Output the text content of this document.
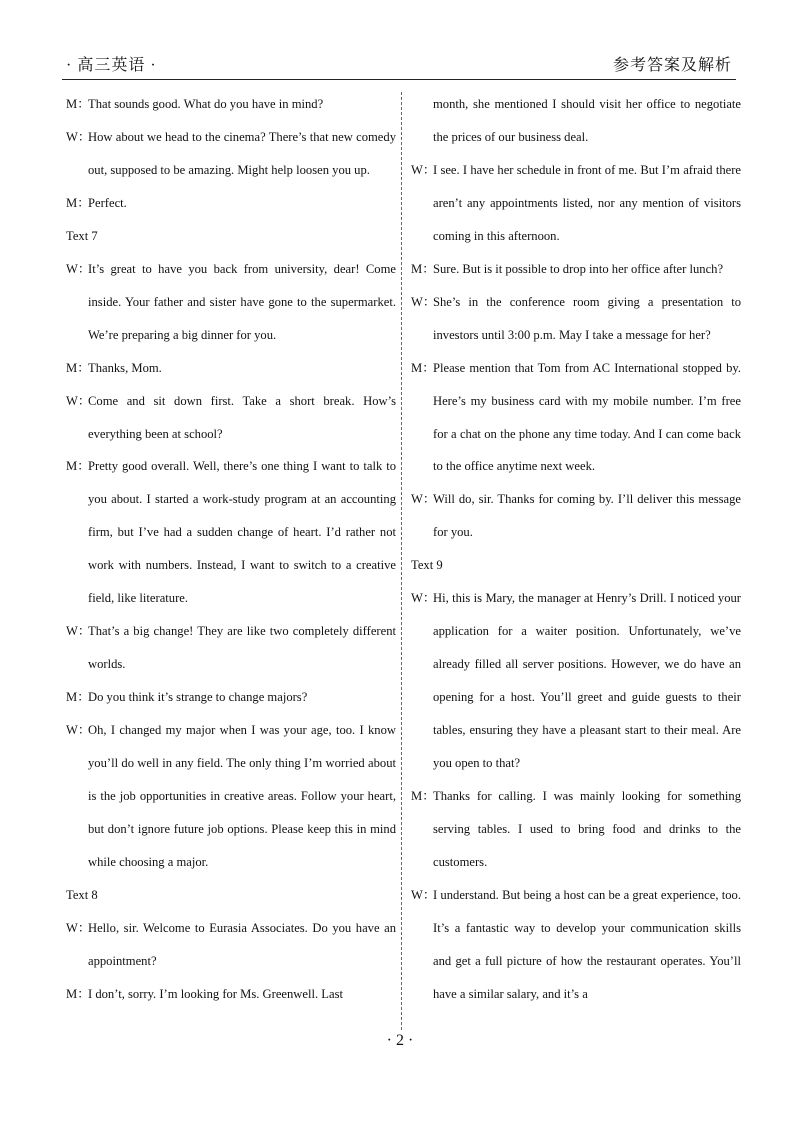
· 高三英语 ·	参考答案及解析
M：
That sounds good. What do you have in mind?
W：
How about we head to the cinema? There’s that new comedy out, supposed to be amazing. Might help loosen you up.
M：
Perfect.
Text 7
W：
It’s great to have you back from university, dear! Come inside. Your father and sister have gone to the supermarket. We’re preparing a big dinner for you.
M：
Thanks, Mom.
W：
Come and sit down first. Take a short break. How’s everything been at school?
M：
Pretty good overall. Well, there’s one thing I want to talk to you about. I started a work-study program at an accounting firm, but I’ve had a sudden change of heart. I’d rather not work with numbers. Instead, I want to switch to a creative field, like literature.
W：
That’s a big change! They are like two completely different worlds.
M：
Do you think it’s strange to change majors?
W：
Oh, I changed my major when I was your age, too. I know you’ll do well in any field. The only thing I’m worried about is the job opportunities in creative areas. Follow your heart, but don’t ignore future job options. Please keep this in mind while choosing a major.
Text 8
W：
Hello, sir. Welcome to Eurasia Associates. Do you have an appointment?
M：
I don’t, sorry. I’m looking for Ms. Greenwell. Last
month, she mentioned I should visit her office to negotiate the prices of our business deal.
W：
I see. I have her schedule in front of me. But I’m afraid there aren’t any appointments listed, nor any mention of visitors coming in this afternoon.
M：
Sure. But is it possible to drop into her office after lunch?
W：
She’s in the conference room giving a presentation to investors until 3:00 p.m. May I take a message for her?
M：
Please mention that Tom from AC International stopped by. Here’s my business card with my mobile number. I’m free for a chat on the phone any time today. And I can come back to the office anytime next week.
W：
Will do, sir. Thanks for coming by. I’ll deliver this message for you.
Text 9
W：
Hi, this is Mary, the manager at Henry’s Drill. I noticed your application for a waiter position. Unfortunately, we’ve already filled all server positions. However, we do have an opening for a host. You’ll greet and guide guests to their tables, ensuring they have a pleasant start to their meal. Are you open to that?
M：
Thanks for calling. I was mainly looking for something serving tables. I used to bring food and drinks to the customers.
W：
I understand. But being a host can be a great experience, too. It’s a fantastic way to develop your communication skills and get a full picture of how the restaurant operates. You’ll have a similar salary, and it’s a
· 2 ·
